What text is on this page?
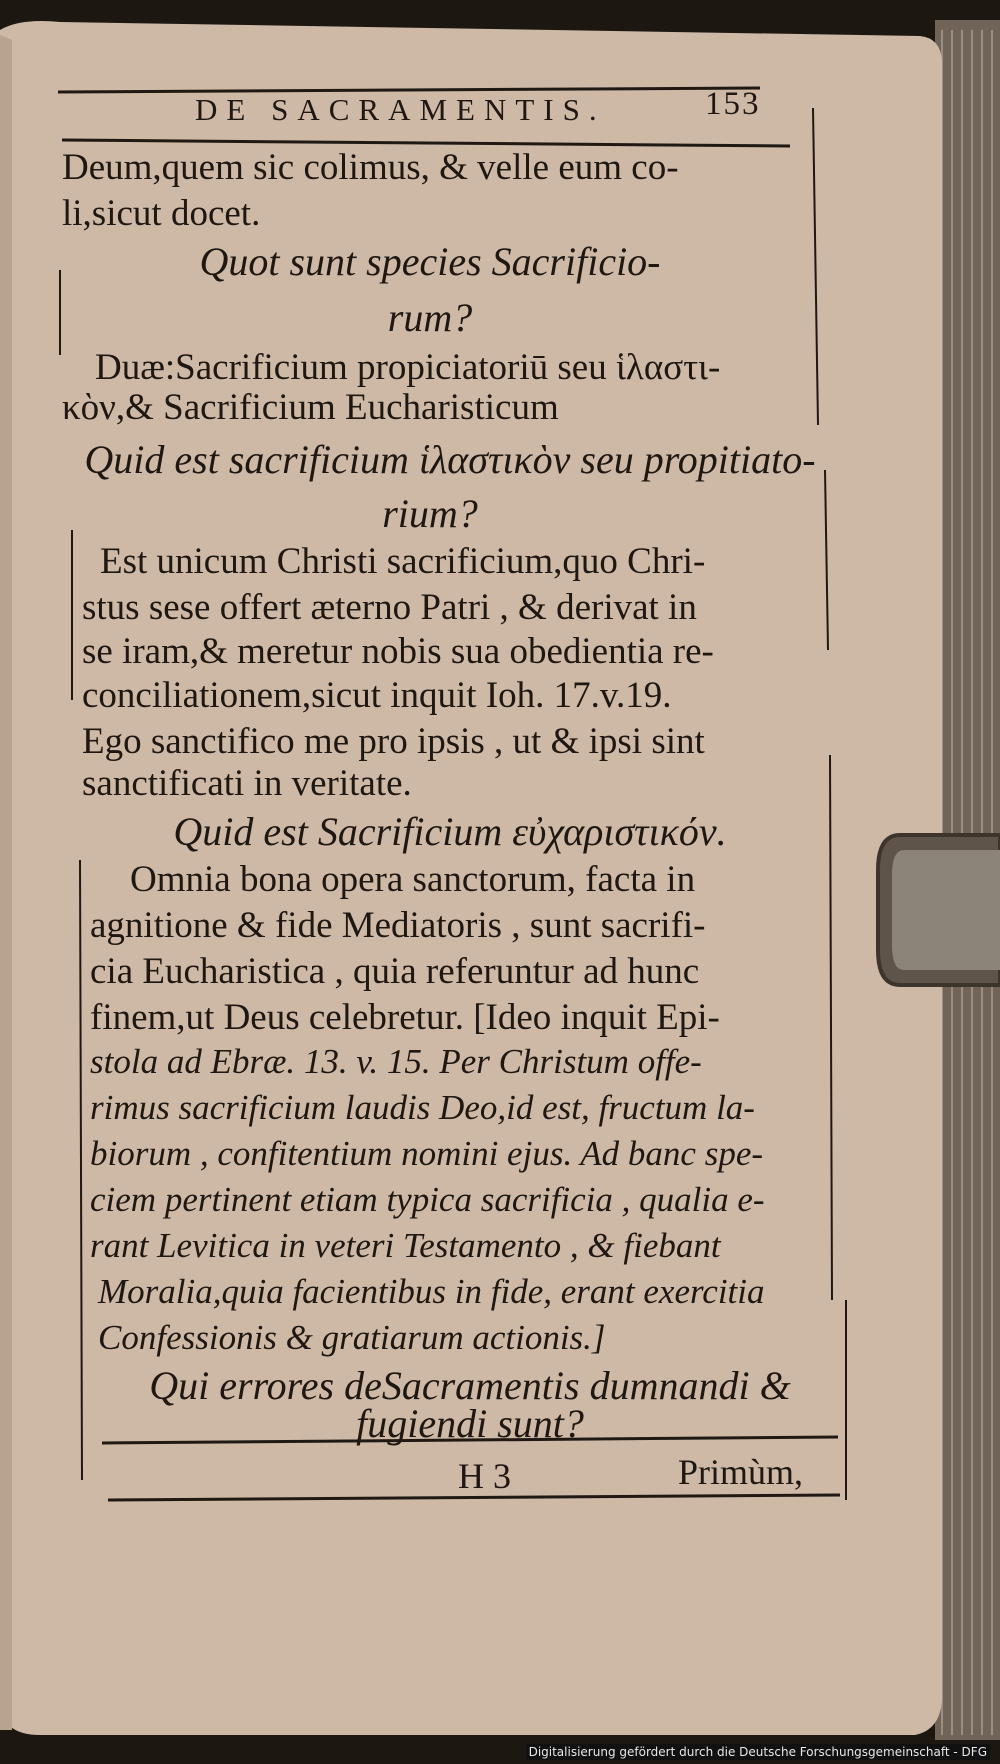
DE SACRAMENTIS.	153
Deum,quem sic colimus, & velle eum co-
li,sicut docet.
Quot sunt species Sacrificio-
rum?
Duæ:Sacrificium propiciatoriū seu ἱλαστι-
κὸν,& Sacrificium Eucharisticum
Quid est sacrificium ἱλαστικὸν seu propitiato-
rium?
Est unicum Christi sacrificium,quo Chri-
stus sese offert æterno Patri , & derivat in
se iram,& meretur nobis sua obedientia re-
conciliationem,sicut inquit Ioh. 17.v.19.
Ego sanctifico me pro ipsis , ut & ipsi sint
sanctificati in veritate.
Quid est Sacrificium εὐχαριστικόν.
Omnia bona opera sanctorum, facta in
agnitione & fide Mediatoris , sunt sacrifi-
cia Eucharistica , quia referuntur ad hunc
finem,ut Deus celebretur. [Ideo inquit Epi-
stola ad Ebræ. 13. v. 15. Per Christum offe-
rimus sacrificium laudis Deo,id est, fructum la-
biorum , confitentium nomini ejus. Ad banc spe-
ciem pertinent etiam typica sacrificia , qualia e-
rant Levitica in veteri Testamento , & fiebant
Moralia,quia facientibus in fide, erant exercitia
Confessionis & gratiarum actionis.]
Qui errores deSacramentis dumnandi &
fugiendi sunt?
H 3	Primùm,
Digitalisierung gefördert durch die Deutsche Forschungsgemeinschaft - DFG
